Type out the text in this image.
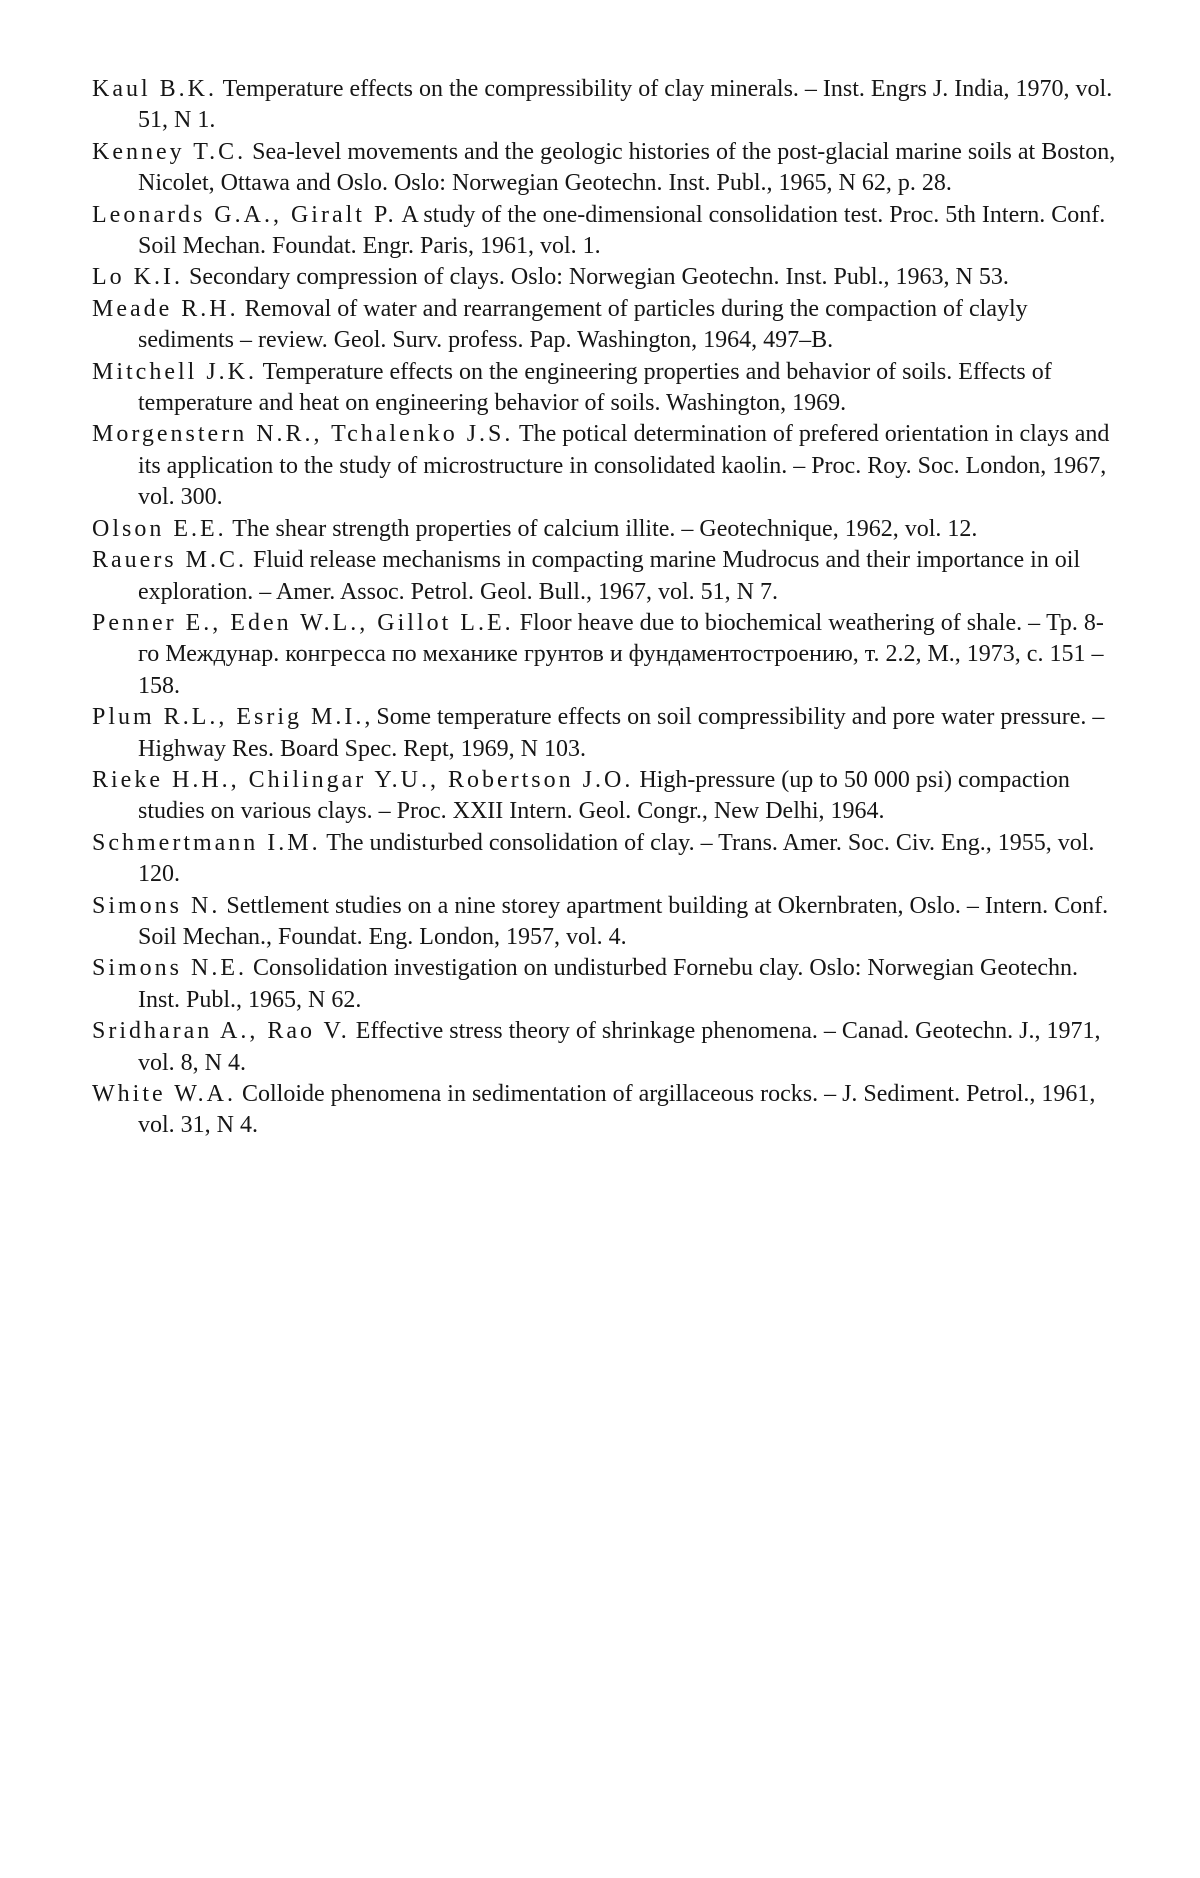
Kaul B.K. Temperature effects on the compressibility of clay minerals. – Inst. Engrs J. India, 1970, vol. 51, N 1.

Kenney T.C. Sea-level movements and the geologic histories of the post-glacial marine soils at Boston, Nicolet, Ottawa and Oslo. Oslo: Norwegian Geotechn. Inst. Publ., 1965, N 62, p. 28.

Leonards G.A., Giralt P. A study of the one-dimensional consolidation test. Proc. 5th Intern. Conf. Soil Mechan. Foundat. Engr. Paris, 1961, vol. 1.

Lo K.I. Secondary compression of clays. Oslo: Norwegian Geotechn. Inst. Publ., 1963, N 53.

Meade R.H. Removal of water and rearrangement of particles during the compaction of clayly sediments – review. Geol. Surv. profess. Pap. Washington, 1964, 497–B.

Mitchell J.K. Temperature effects on the engineering properties and behavior of soils. Effects of temperature and heat on engineering behavior of soils. Washington, 1969.

Morgenstern N.R., Tchalenko J.S. The potical determination of prefered orientation in clays and its application to the study of microstructure in consolidated kaolin. – Proc. Roy. Soc. London, 1967, vol. 300.

Olson E.E. The shear strength properties of calcium illite. – Geotechnique, 1962, vol. 12.

Rauers M.C. Fluid release mechanisms in compacting marine Mudrocus and their importance in oil exploration. – Amer. Assoc. Petrol. Geol. Bull., 1967, vol. 51, N 7.

Penner E., Eden W.L., Gillot L.E. Floor heave due to biochemical weathering of shale. – Тр. 8-го Междунар. конгресса по механике грунтов и фундаментостроению, т. 2.2, М., 1973, с. 151 – 158.

Plum R.L., Esrig M.I., Some temperature effects on soil compressibility and pore water pressure. – Highway Res. Board Spec. Rept, 1969, N 103.

Rieke H.H., Chilingar Y.U., Robertson J.O. High-pressure (up to 50 000 psi) compaction studies on various clays. – Proc. XXII Intern. Geol. Congr., New Delhi, 1964.

Schmertmann I.M. The undisturbed consolidation of clay. – Trans. Amer. Soc. Civ. Eng., 1955, vol. 120.

Simons N. Settlement studies on a nine storey apartment building at Okernbraten, Oslo. – Intern. Conf. Soil Mechan., Foundat. Eng. London, 1957, vol. 4.

Simons N.E. Consolidation investigation on undisturbed Fornebu clay. Oslo: Norwegian Geotechn. Inst. Publ., 1965, N 62.

Sridharan A., Rao V. Effective stress theory of shrinkage phenomena. – Canad. Geotechn. J., 1971, vol. 8, N 4.

White W.A. Colloide phenomena in sedimentation of argillaceous rocks. – J. Sediment. Petrol., 1961, vol. 31, N 4.
